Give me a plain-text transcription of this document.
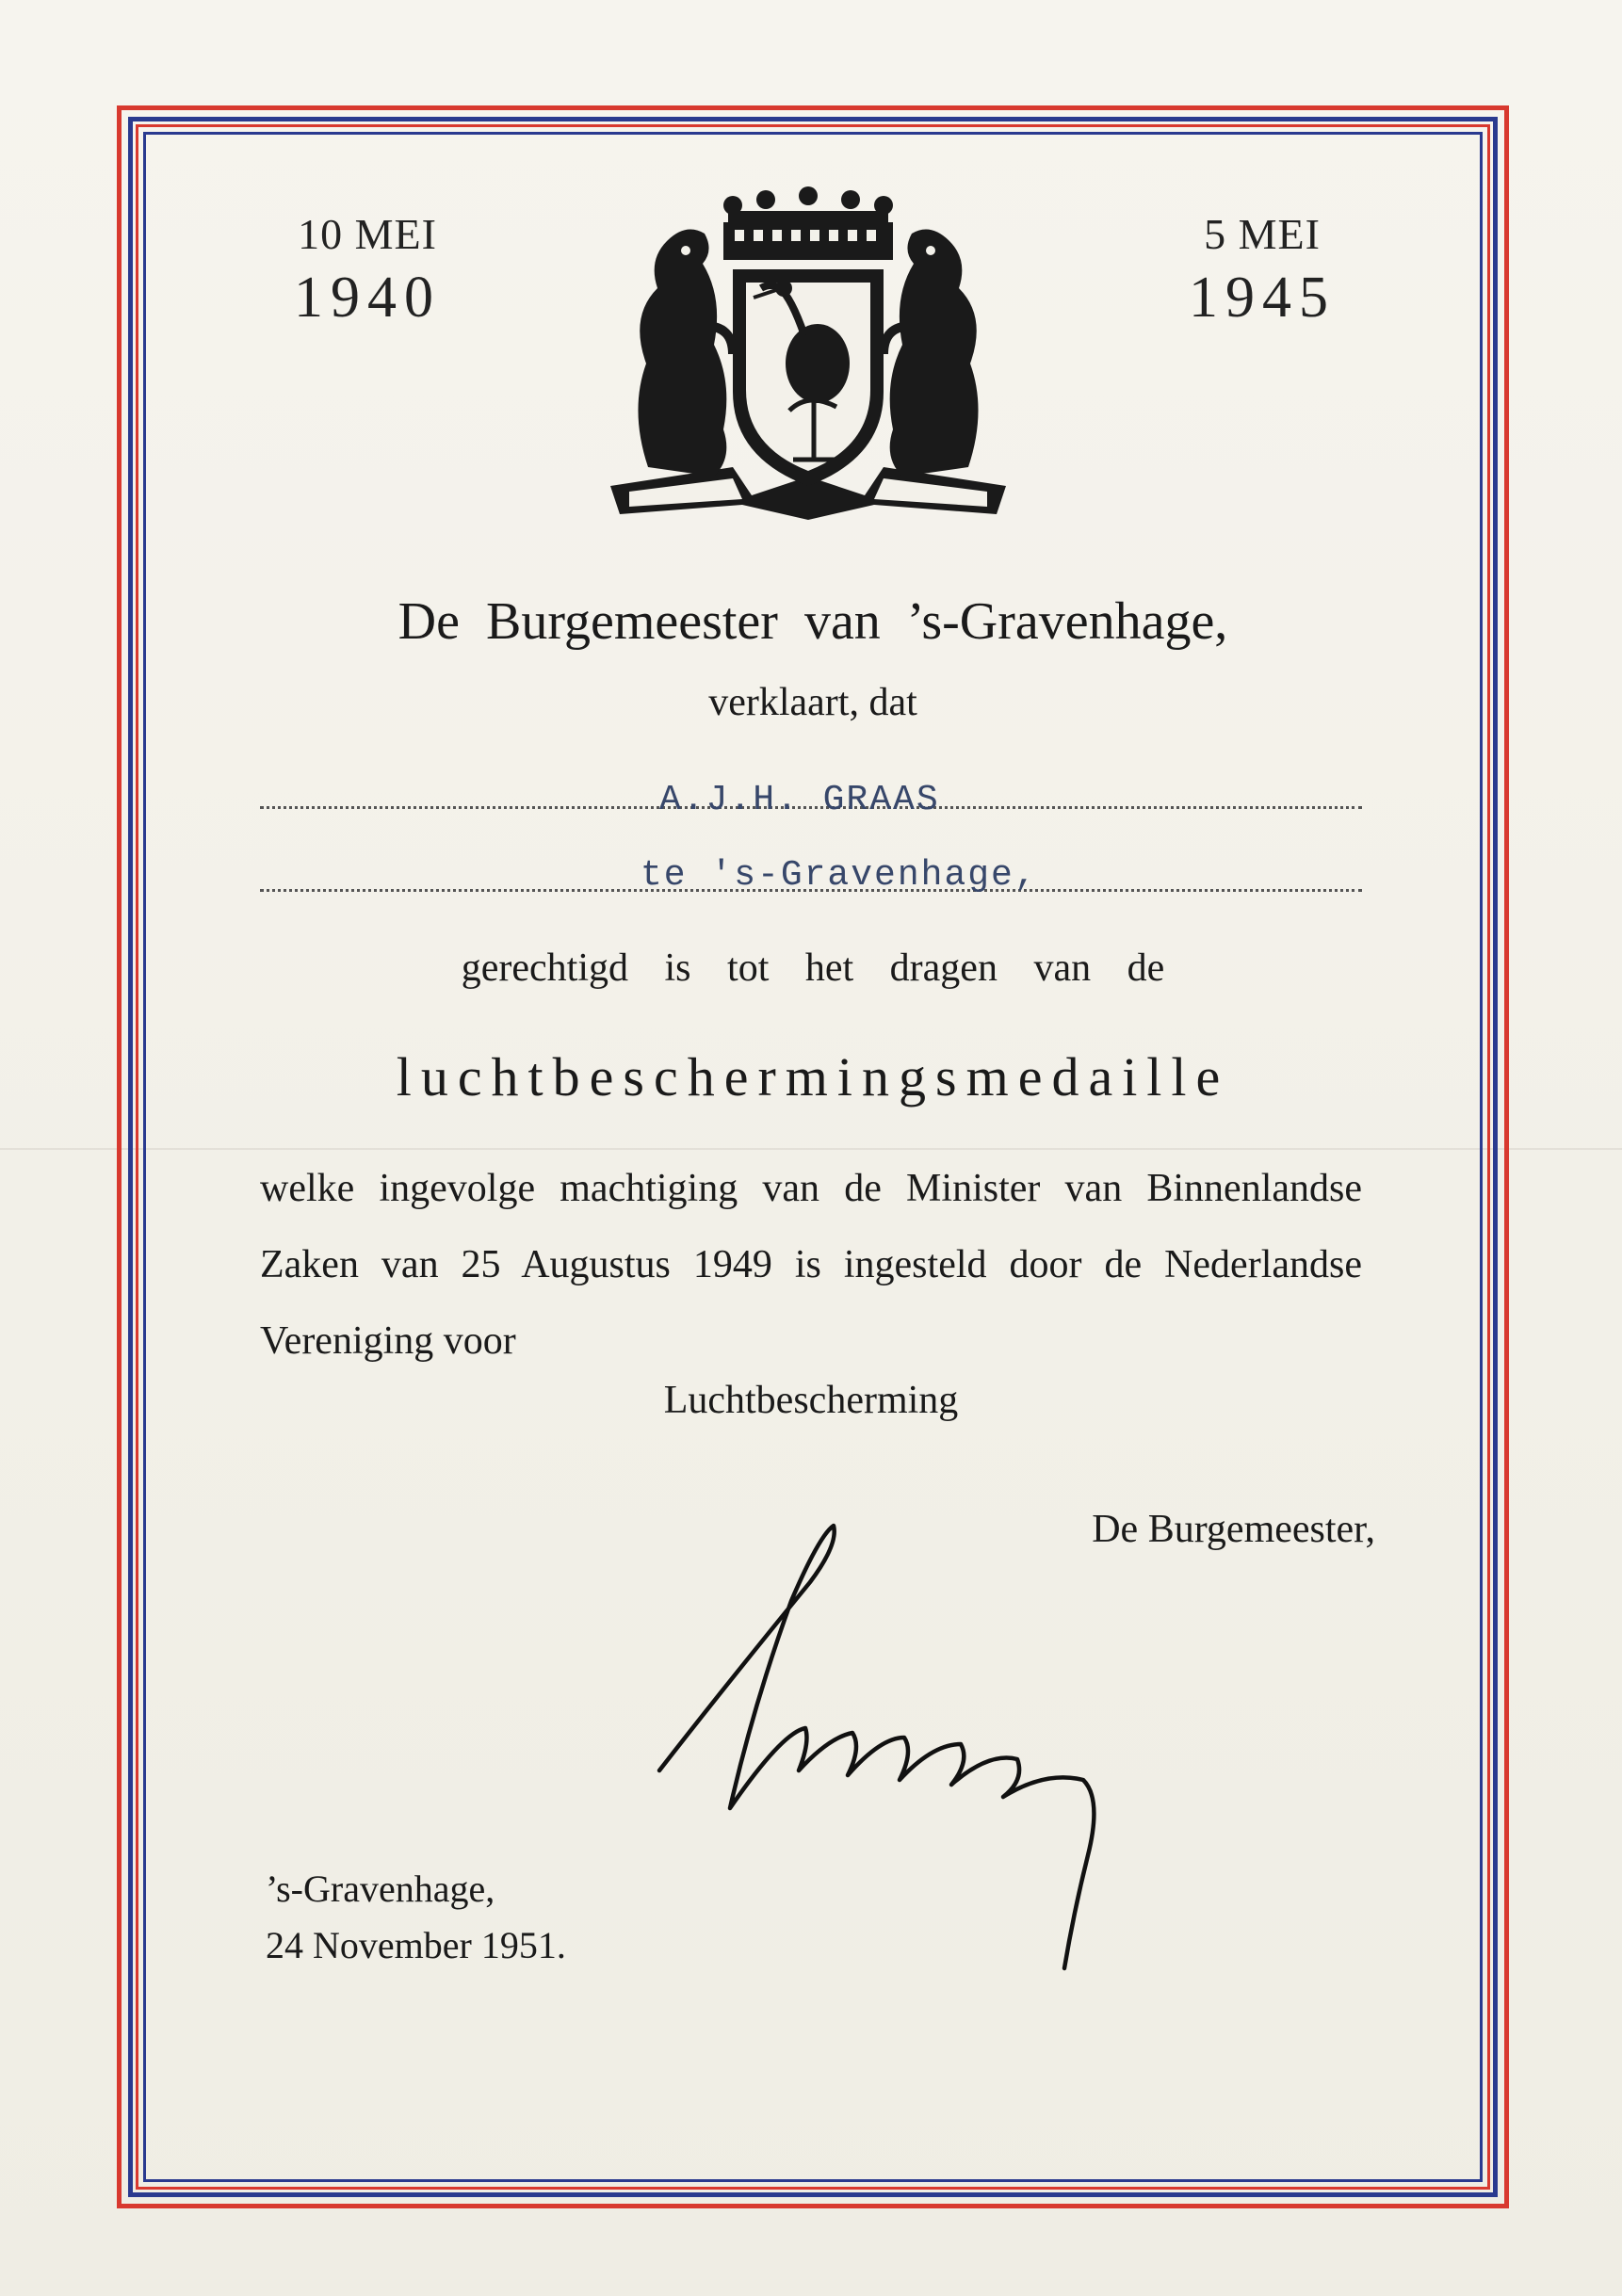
10 MEI
1940
5 MEI
1945
De Burgemeester van ’s-Gravenhage,
verklaart, dat
A.J.H. GRAAS
te 's-Gravenhage,
gerechtigd is tot het dragen van de
luchtbeschermingsmedaille
welke ingevolge machtiging van de Minister van Binnenlandse Zaken van 25 Augustus 1949 is ingesteld door de Nederlandse Vereniging voor
Luchtbescherming
De Burgemeester,
’s-Gravenhage,
24 November 1951.
